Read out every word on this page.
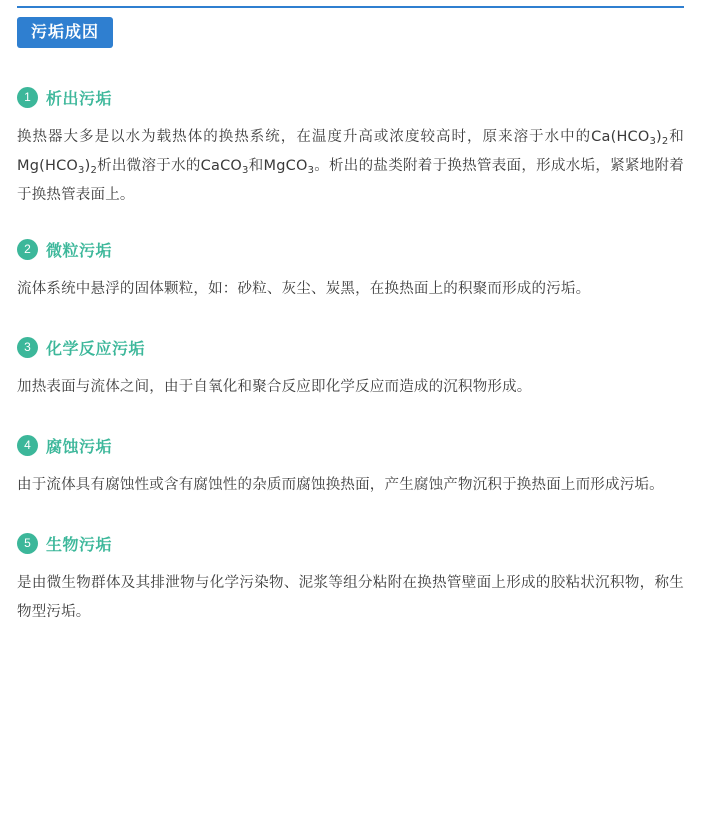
污垢成因
1 析出污垢
换热器大多是以水为载热体的换热系统，在温度升高或浓度较高时，原来溶于水中的$Ca(HCO_3)_2$和$Mg(HCO_3)_2$析出微溶于水的CaCO$_3$和MgCO$_3$。析出的盐类附着于换热管表面，形成水垢，紧紧地附着于换热管表面上。
2 微粒污垢
流体系统中悬浮的固体颗粒，如：砂粒、灰尘、炭黑，在换热面上的积聚而形成的污垢。
3 化学反应污垢
加热表面与流体之间，由于自氧化和聚合反应即化学反应而造成的沉积物形成。
4 腐蚀污垢
由于流体具有腐蚀性或含有腐蚀性的杂质而腐蚀换热面，产生腐蚀产物沉积于换热面上而形成污垢。
5 生物污垢
是由微生物群体及其排泄物与化学污染物、泥浆等组分粘附在换热管壁面上形成的胶粘状沉积物，称生物型污垢。
